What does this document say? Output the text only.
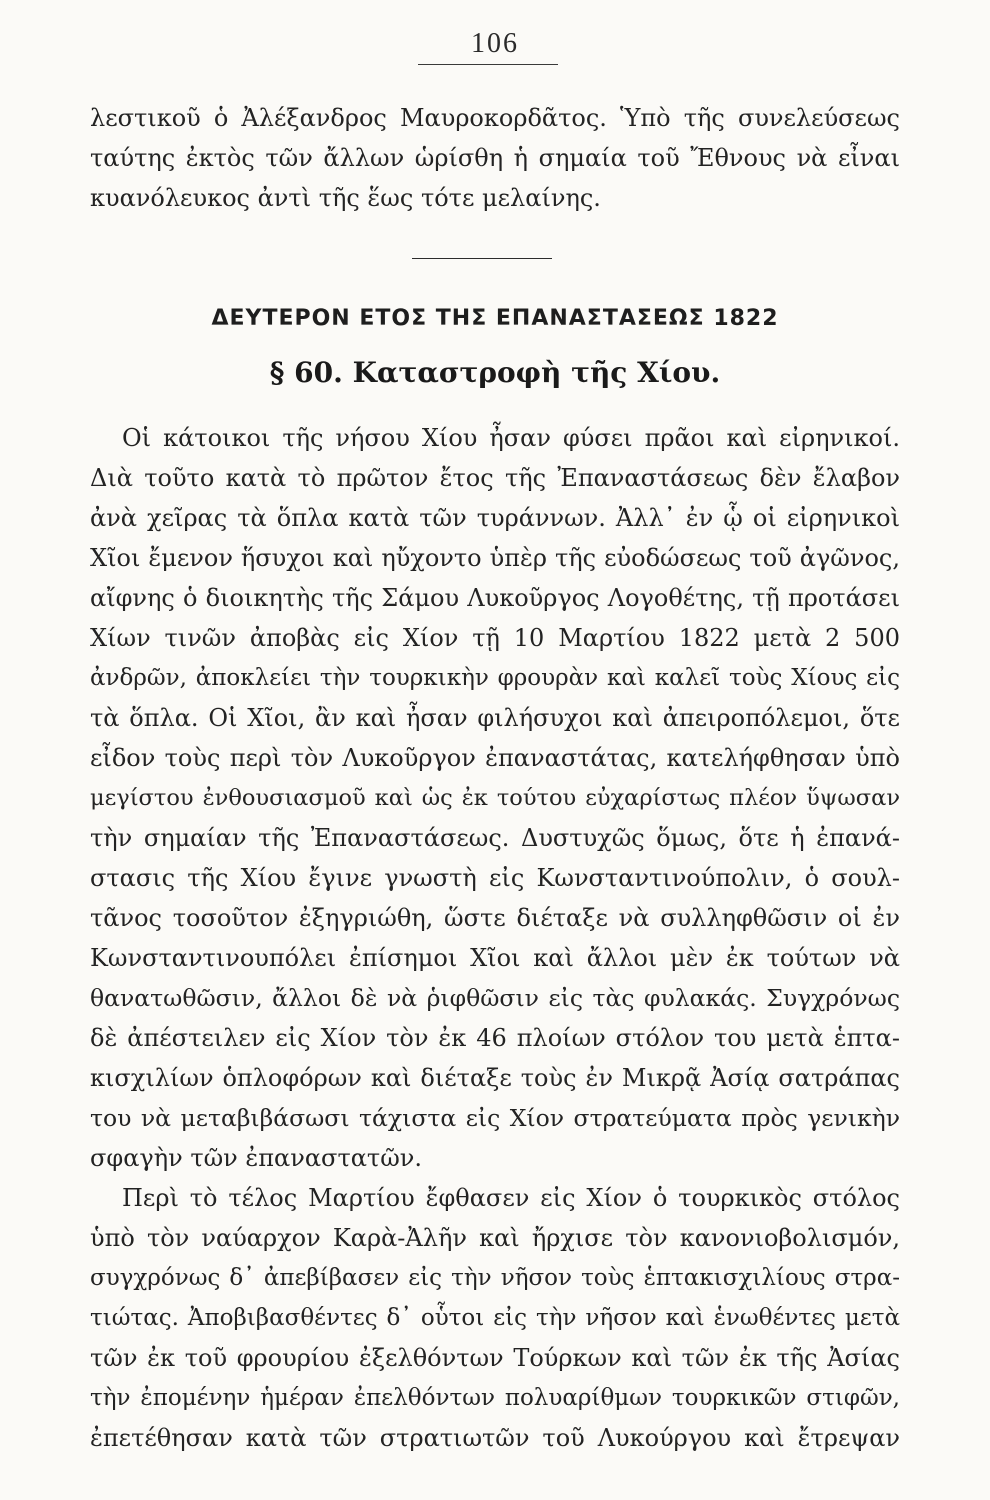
106
λεστικοῦ ὁ Ἀλέξανδρος Μαυροκορδᾶτος. Ὑπὸ τῆς συνελεύσεως
ταύτης ἐκτὸς τῶν ἄλλων ὡρίσθη ἡ σημαία τοῦ Ἔθνους νὰ εἶναι
κυανόλευκος ἀντὶ τῆς ἕως τότε μελαίνης.
ΔΕΥΤΕΡΟΝ ΕΤΟΣ ΤΗΣ ΕΠΑΝΑΣΤΑΣΕΩΣ 1822
§ 60. Καταστροφὴ τῆς Χίου.
Οἱ κάτοικοι τῆς νήσου Χίου ἦσαν φύσει πρᾶοι καὶ εἰρηνικοί.
Διὰ τοῦτο κατὰ τὸ πρῶτον ἔτος τῆς Ἐπαναστάσεως δὲν ἔλαβον
ἀνὰ χεῖρας τὰ ὅπλα κατὰ τῶν τυράννων. Ἀλλ᾽ ἐν ᾧ οἱ εἰρηνικοὶ
Χῖοι ἔμενον ἥσυχοι καὶ ηὔχοντο ὑπὲρ τῆς εὐοδώσεως τοῦ ἀγῶνος,
αἴφνης ὁ διοικητὴς τῆς Σάμου Λυκοῦργος Λογοθέτης, τῇ προτάσει
Χίων τινῶν ἀποβὰς εἰς Χίον τῇ 10 Μαρτίου 1822 μετὰ 2 500
ἀνδρῶν, ἀποκλείει τὴν τουρκικὴν φρουρὰν καὶ καλεῖ τοὺς Χίους εἰς
τὰ ὅπλα. Οἱ Χῖοι, ἂν καὶ ἦσαν φιλήσυχοι καὶ ἀπειροπόλεμοι, ὅτε
εἶδον τοὺς περὶ τὸν Λυκοῦργον ἐπαναστάτας, κατελήφθησαν ὑπὸ
μεγίστου ἐνθουσιασμοῦ καὶ ὡς ἐκ τούτου εὐχαρίστως πλέον ὕψωσαν
τὴν σημαίαν τῆς Ἐπαναστάσεως. Δυστυχῶς ὅμως, ὅτε ἡ ἐπανά-
στασις τῆς Χίου ἔγινε γνωστὴ εἰς Κωνσταντινούπολιν, ὁ σουλ-
τᾶνος τοσοῦτον ἐξηγριώθη, ὥστε διέταξε νὰ συλληφθῶσιν οἱ ἐν
Κωνσταντινουπόλει ἐπίσημοι Χῖοι καὶ ἄλλοι μὲν ἐκ τούτων νὰ
θανατωθῶσιν, ἄλλοι δὲ νὰ ῥιφθῶσιν εἰς τὰς φυλακάς. Συγχρόνως
δὲ ἀπέστειλεν εἰς Χίον τὸν ἐκ 46 πλοίων στόλον του μετὰ ἑπτα-
κισχιλίων ὁπλοφόρων καὶ διέταξε τοὺς ἐν Μικρᾷ Ἀσίᾳ σατράπας
του νὰ μεταβιβάσωσι τάχιστα εἰς Χίον στρατεύματα πρὸς γενικὴν
σφαγὴν τῶν ἐπαναστατῶν.
Περὶ τὸ τέλος Μαρτίου ἔφθασεν εἰς Χίον ὁ τουρκικὸς στόλος
ὑπὸ τὸν ναύαρχον Καρὰ-Ἀλῆν καὶ ἤρχισε τὸν κανονιοβολισμόν,
συγχρόνως δ᾽ ἀπεβίβασεν εἰς τὴν νῆσον τοὺς ἑπτακισχιλίους στρα-
τιώτας. Ἀποβιβασθέντες δ᾽ οὗτοι εἰς τὴν νῆσον καὶ ἑνωθέντες μετὰ
τῶν ἐκ τοῦ φρουρίου ἐξελθόντων Τούρκων καὶ τῶν ἐκ τῆς Ἀσίας
τὴν ἐπομένην ἡμέραν ἐπελθόντων πολυαρίθμων τουρκικῶν στιφῶν,
ἐπετέθησαν κατὰ τῶν στρατιωτῶν τοῦ Λυκούργου καὶ ἔτρεψαν
